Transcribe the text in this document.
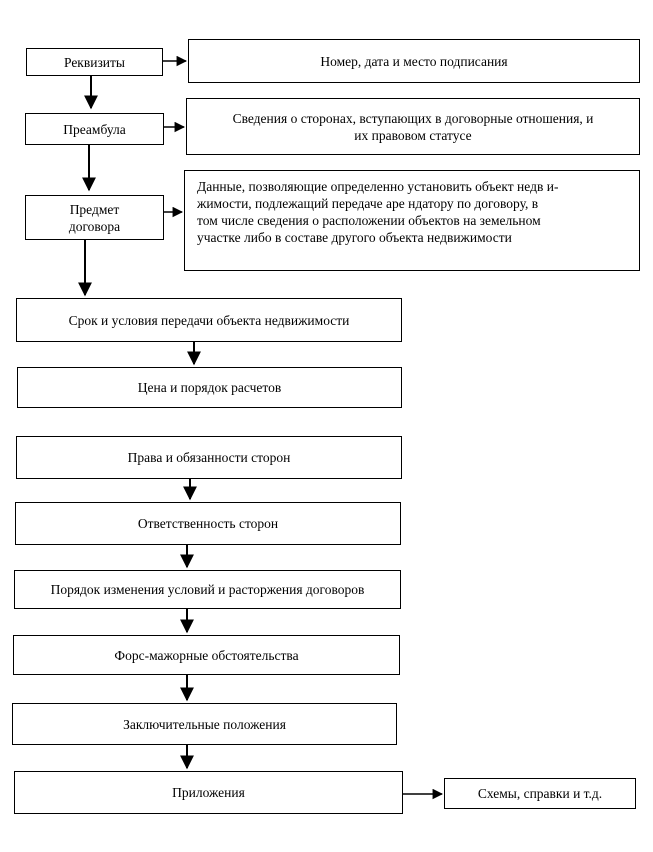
Реквизиты
Преамбула
Предмет
договора
Номер, дата и место подписания
Сведения о сторонах, вступающих в договорные отношения, и
их правовом статусе
Данные, позволяющие определенно установить объект недв и-
жимости, подлежащий передаче аре ндатору по договору, в
том числе сведения о расположении объектов на земельном
участке либо в составе другого объекта недвижимости
Срок и условия передачи объекта недвижимости
Цена и порядок расчетов
Права и обязанности сторон
Ответственность сторон
Порядок изменения условий и расторжения договоров
Форс-мажорные обстоятельства
Заключительные положения
Приложения	Схемы, справки и т.д.
